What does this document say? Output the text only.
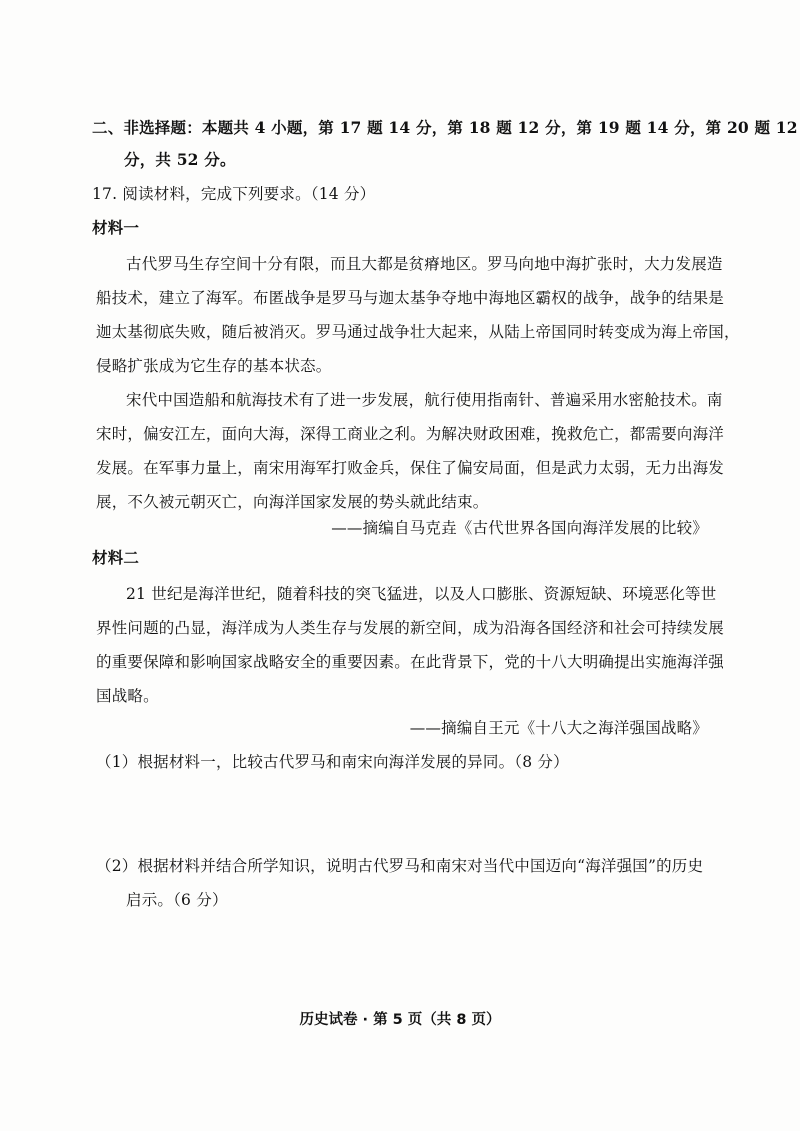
二、非选择题：本题共 4 小题，第 17 题 14 分，第 18 题 12 分，第 19 题 14 分，第 20 题 12
分，共 52 分。
17. 阅读材料，完成下列要求。（14 分）
材料一
古代罗马生存空间十分有限，而且大都是贫瘠地区。罗马向地中海扩张时，大力发展造
船技术，建立了海军。布匿战争是罗马与迦太基争夺地中海地区霸权的战争，战争的结果是
迦太基彻底失败，随后被消灭。罗马通过战争壮大起来，从陆上帝国同时转变成为海上帝国，
侵略扩张成为它生存的基本状态。
宋代中国造船和航海技术有了进一步发展，航行使用指南针、普遍采用水密舱技术。南
宋时，偏安江左，面向大海，深得工商业之利。为解决财政困难，挽救危亡，都需要向海洋
发展。在军事力量上，南宋用海军打败金兵，保住了偏安局面，但是武力太弱，无力出海发
展，不久被元朝灭亡，向海洋国家发展的势头就此结束。
——摘编自马克垚《古代世界各国向海洋发展的比较》
材料二
21 世纪是海洋世纪，随着科技的突飞猛进，以及人口膨胀、资源短缺、环境恶化等世
界性问题的凸显，海洋成为人类生存与发展的新空间，成为沿海各国经济和社会可持续发展
的重要保障和影响国家战略安全的重要因素。在此背景下，党的十八大明确提出实施海洋强
国战略。
——摘编自王元《十八大之海洋强国战略》
（1）根据材料一，比较古代罗马和南宋向海洋发展的异同。（8 分）
（2）根据材料并结合所学知识，说明古代罗马和南宋对当代中国迈向“海洋强国”的历史
启示。（6 分）
历史试卷 · 第 5 页（共 8 页）
